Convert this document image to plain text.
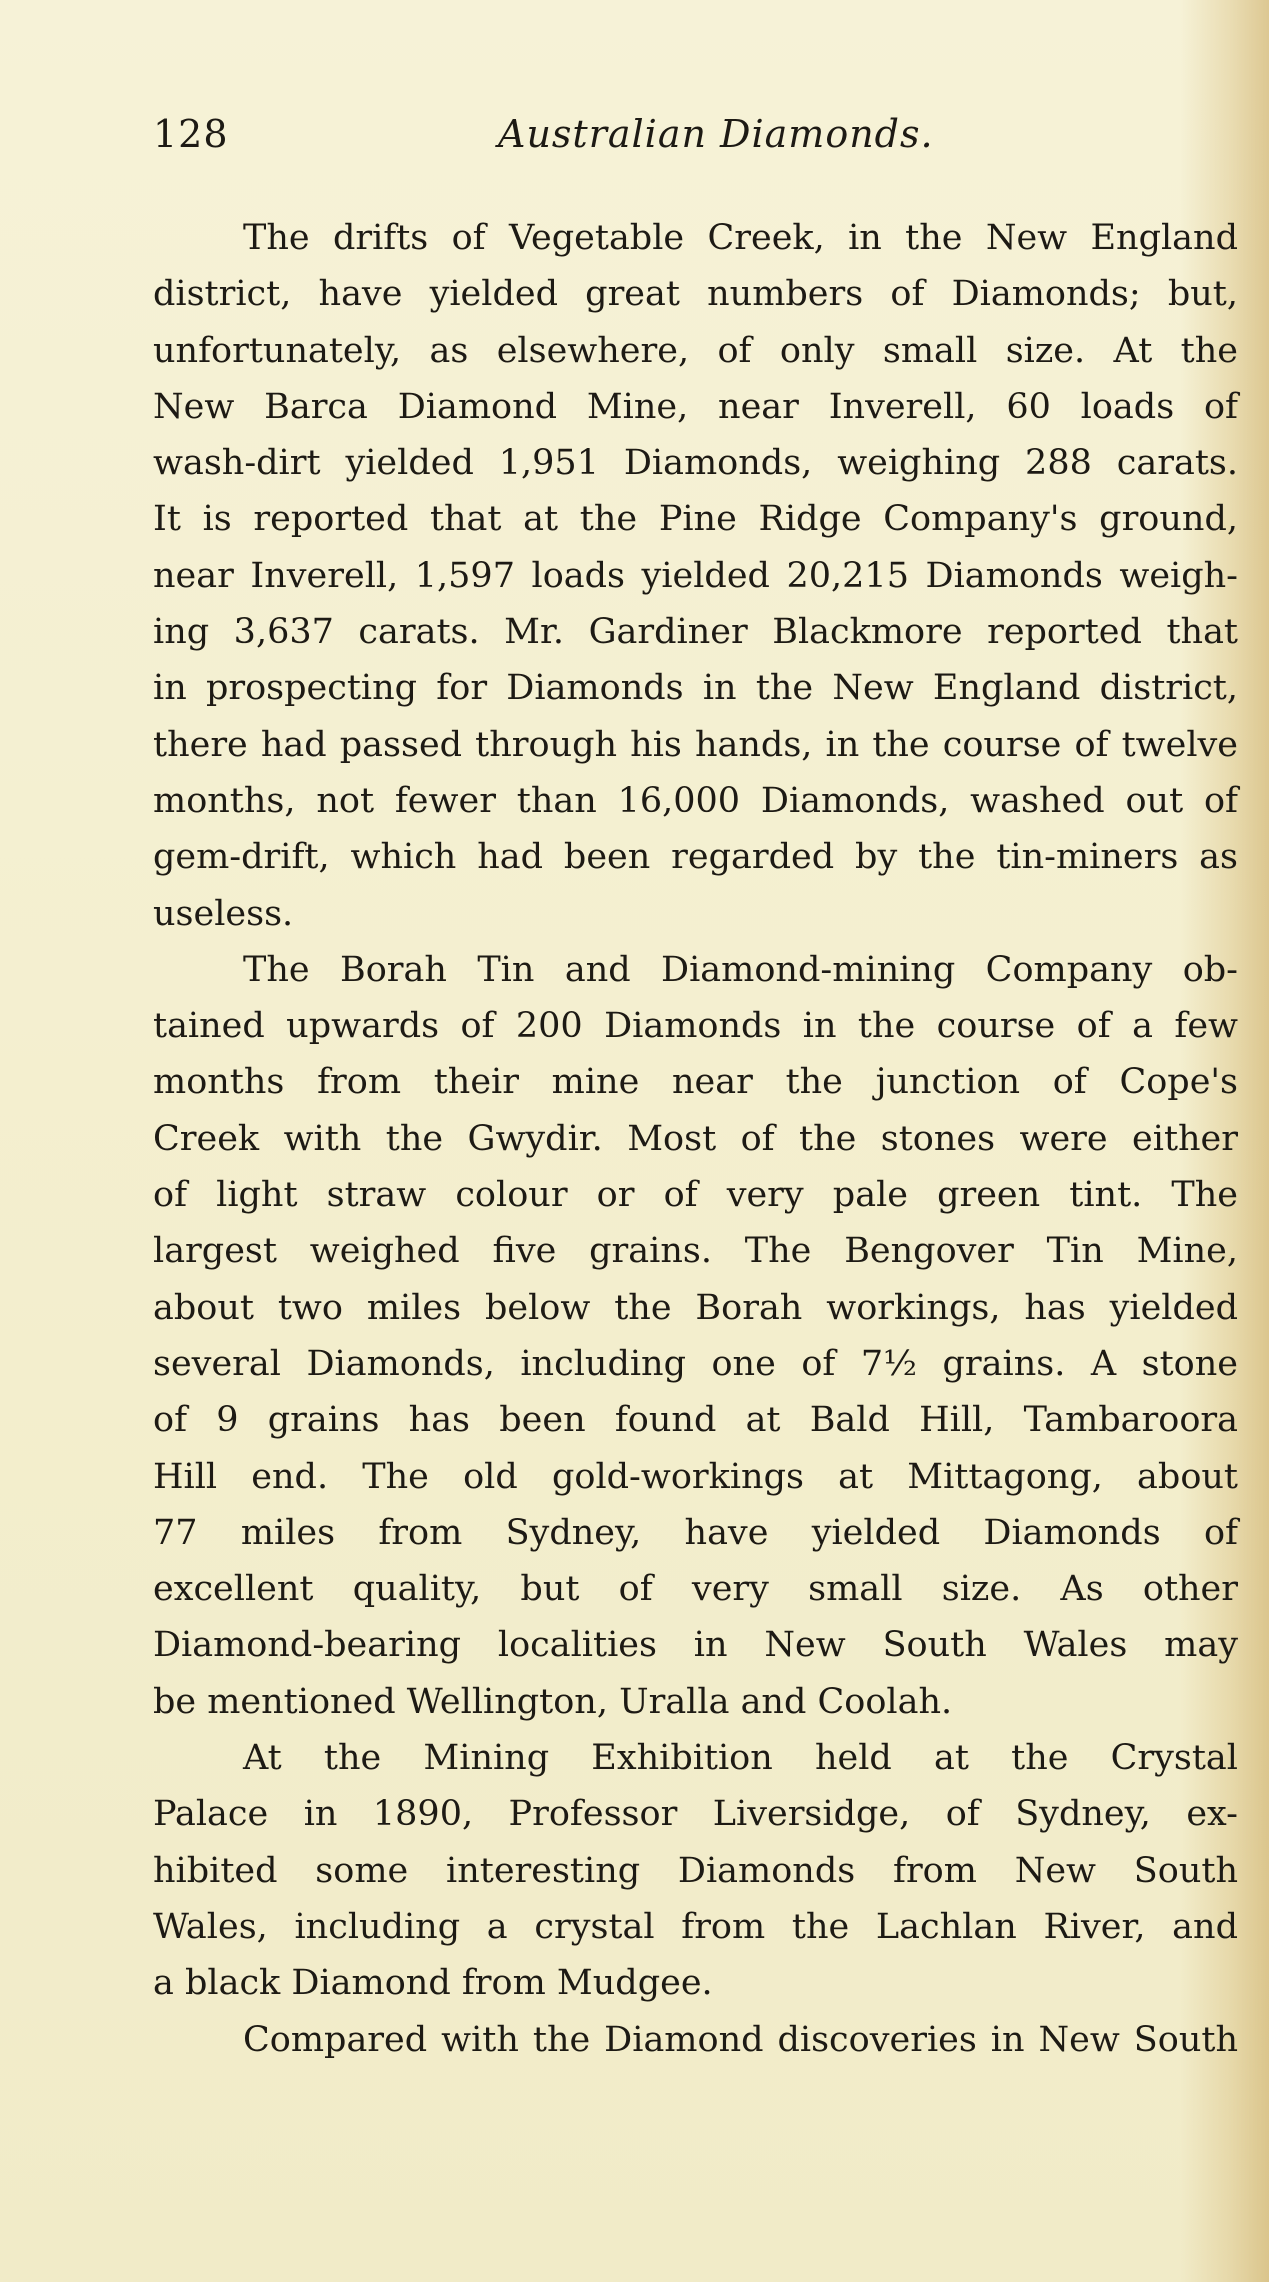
128	Australian Diamonds.
The drifts of Vegetable Creek, in the New England
district, have yielded great numbers of Diamonds; but,
unfortunately, as elsewhere, of only small size. At the
New Barca Diamond Mine, near Inverell, 60 loads of
wash-dirt yielded 1,951 Diamonds, weighing 288 carats.
It is reported that at the Pine Ridge Company's ground,
near Inverell, 1,597 loads yielded 20,215 Diamonds weigh-
ing 3,637 carats. Mr. Gardiner Blackmore reported that
in prospecting for Diamonds in the New England district,
there had passed through his hands, in the course of twelve
months, not fewer than 16,000 Diamonds, washed out of
gem-drift, which had been regarded by the tin-miners as
useless.
The Borah Tin and Diamond-mining Company ob-
tained upwards of 200 Diamonds in the course of a few
months from their mine near the junction of Cope's
Creek with the Gwydir. Most of the stones were either
of light straw colour or of very pale green tint. The
largest weighed five grains. The Bengover Tin Mine,
about two miles below the Borah workings, has yielded
several Diamonds, including one of 7½ grains. A stone
of 9 grains has been found at Bald Hill, Tambaroora
Hill end. The old gold-workings at Mittagong, about
77 miles from Sydney, have yielded Diamonds of
excellent quality, but of very small size. As other
Diamond-bearing localities in New South Wales may
be mentioned Wellington, Uralla and Coolah.
At the Mining Exhibition held at the Crystal
Palace in 1890, Professor Liversidge, of Sydney, ex-
hibited some interesting Diamonds from New South
Wales, including a crystal from the Lachlan River, and
a black Diamond from Mudgee.
Compared with the Diamond discoveries in New South
